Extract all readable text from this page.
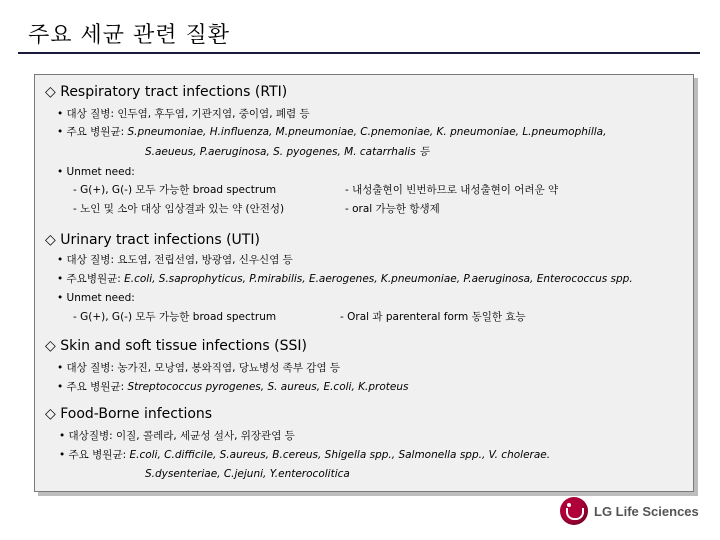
주요 세균 관련 질환
◇ Respiratory tract infections (RTI)
• 대상 질병: 인두염, 후두염, 기관지염, 중이염, 폐렴 등
• 주요 병원균: S.pneumoniae, H.influenza, M.pneumoniae, C.pnemoniae, K. pneumoniae, L.pneumophilla,
S.aeueus, P.aeruginosa, S. pyogenes, M. catarrhalis 등
• Unmet need:
- G(+), G(-) 모두 가능한 broad spectrum	- 내성출현이 빈번하므로 내성출현이 어려운 약
- 노인 및 소아 대상 임상결과 있는 약 (안전성)	- oral 가능한 항생제
◇ Urinary tract infections (UTI)
• 대상 질병: 요도염, 전립선염, 방광염, 신우신염 등
• 주요병원균: E.coli, S.saprophyticus, P.mirabilis, E.aerogenes, K.pneumoniae, P.aeruginosa, Enterococcus spp.
• Unmet need:
- G(+), G(-) 모두 가능한 broad spectrum	- Oral 과 parenteral form 동일한 효능
◇ Skin and soft tissue infections (SSI)
• 대상 질병: 농가진, 모낭염, 봉와직염, 당뇨병성 족부 감염 등
• 주요 병원균: Streptococcus pyrogenes, S. aureus, E.coli, K.proteus
◇ Food-Borne infections
• 대상질병: 이질, 콜레라, 세균성 설사, 위장관염 등
• 주요 병원균: E.coli, C.difficile, S.aureus, B.cereus, Shigella spp., Salmonella spp., V. cholerae.
S.dysenteriae, C.jejuni, Y.enterocolitica
LG Life Sciences
